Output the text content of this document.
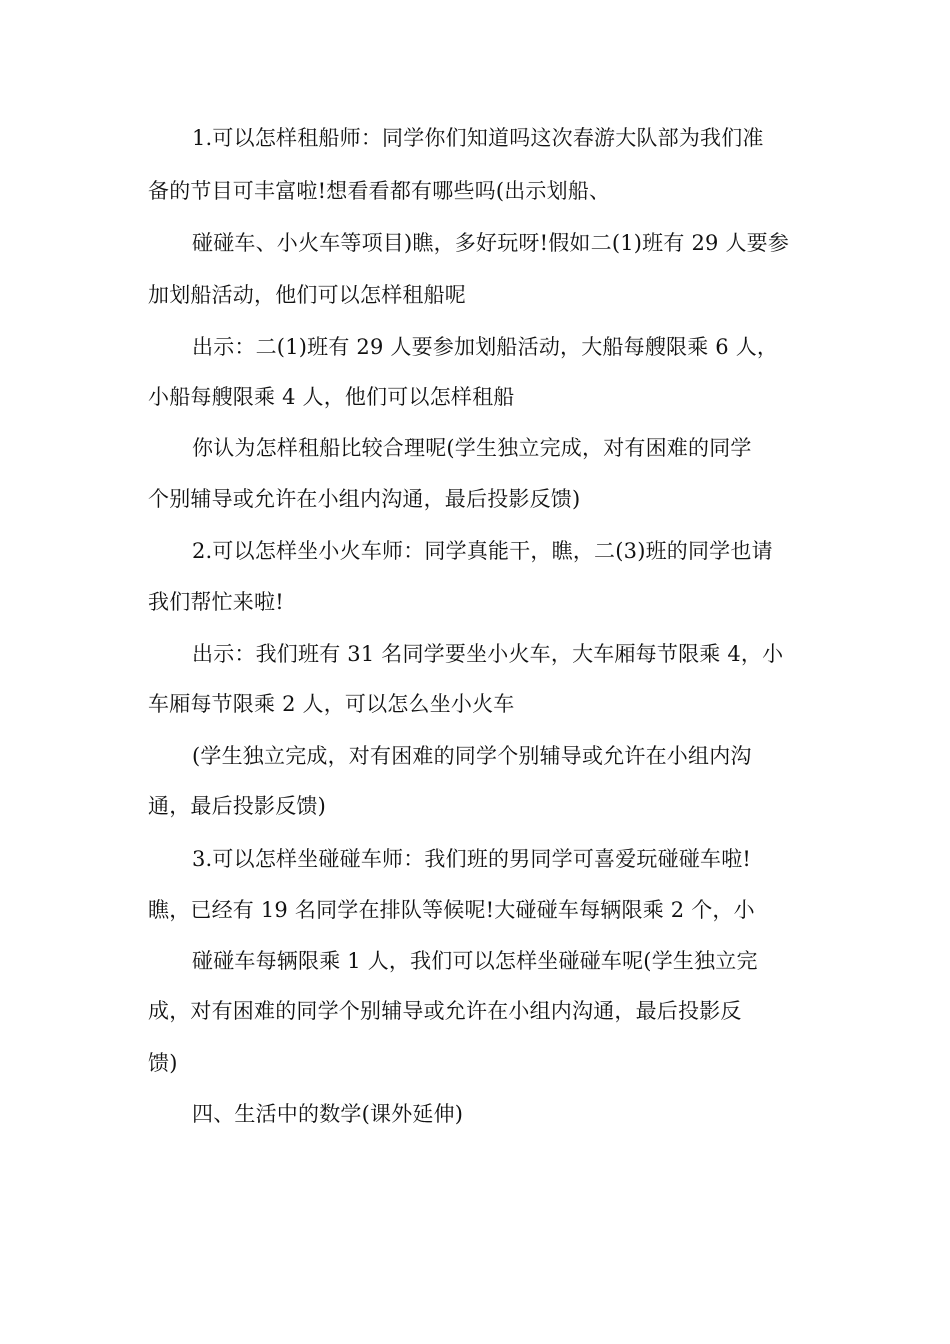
1.可以怎样租船师：同学你们知道吗这次春游大队部为我们准
备的节目可丰富啦!想看看都有哪些吗(出示划船、
碰碰车、小火车等项目)瞧，多好玩呀!假如二(1)班有 29 人要参
加划船活动，他们可以怎样租船呢
出示：二(1)班有 29 人要参加划船活动，大船每艘限乘 6 人，
小船每艘限乘 4 人，他们可以怎样租船
你认为怎样租船比较合理呢(学生独立完成，对有困难的同学
个别辅导或允许在小组内沟通，最后投影反馈)
2.可以怎样坐小火车师：同学真能干，瞧，二(3)班的同学也请
我们帮忙来啦!
出示：我们班有 31 名同学要坐小火车，大车厢每节限乘 4，小
车厢每节限乘 2 人，可以怎么坐小火车
(学生独立完成，对有困难的同学个别辅导或允许在小组内沟
通，最后投影反馈)
3.可以怎样坐碰碰车师：我们班的男同学可喜爱玩碰碰车啦!
瞧，已经有 19 名同学在排队等候呢!大碰碰车每辆限乘 2 个，小
碰碰车每辆限乘 1 人，我们可以怎样坐碰碰车呢(学生独立完
成，对有困难的同学个别辅导或允许在小组内沟通，最后投影反
馈)
四、生活中的数学(课外延伸)
